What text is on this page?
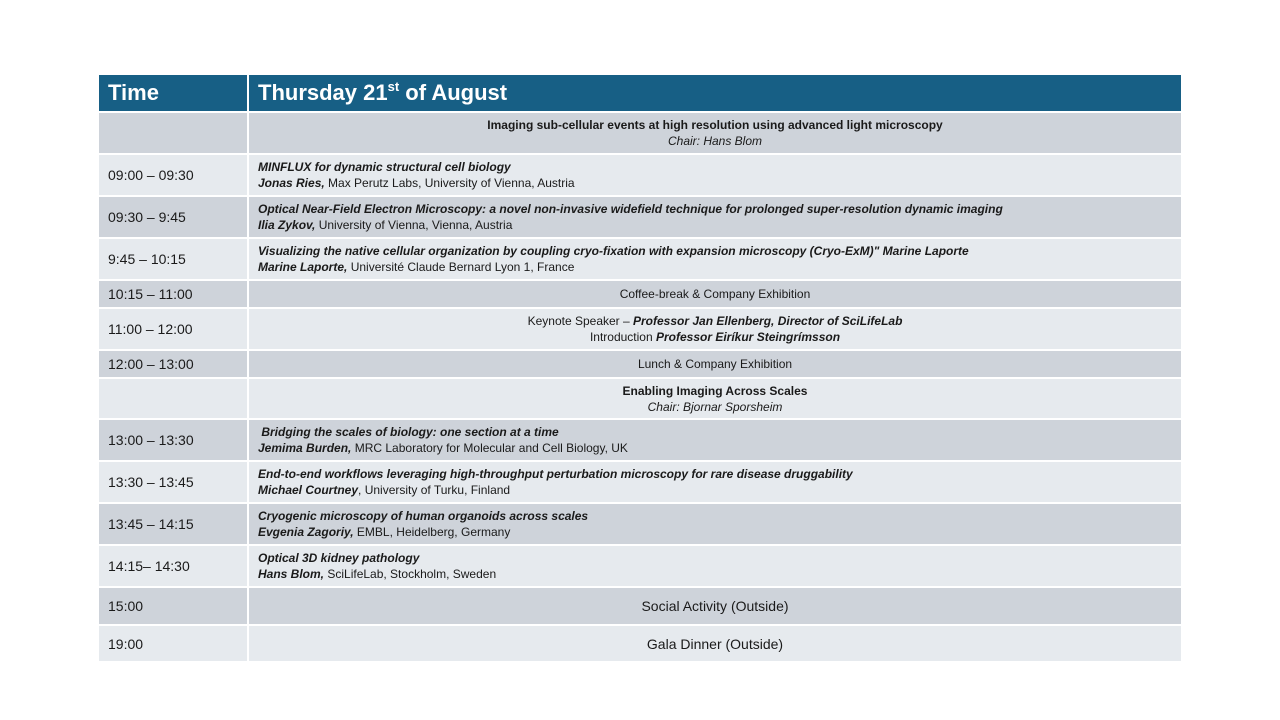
Time	Thursday 21st of August

	Imaging sub-cellular events at high resolution using advanced light microscopy
Chair: Hans Blom

09:00 – 09:30	MINFLUX for dynamic structural cell biology
Jonas Ries, Max Perutz Labs, University of Vienna, Austria

09:30 – 9:45	Optical Near-Field Electron Microscopy: a novel non-invasive widefield technique for prolonged super-resolution dynamic imaging
Ilia Zykov, University of Vienna, Vienna, Austria

9:45 – 10:15	Visualizing the native cellular organization by coupling cryo-fixation with expansion microscopy (Cryo-ExM)" Marine Laporte
Marine Laporte, Université Claude Bernard Lyon 1, France

10:15 – 11:00	Coffee-break & Company Exhibition
11:00 – 12:00	Keynote Speaker – Professor Jan Ellenberg, Director of SciLifeLab
Introduction Professor Eiríkur Steingrímsson

12:00 – 13:00	Lunch & Company Exhibition

	Enabling Imaging Across Scales
Chair: Bjornar Sporsheim

13:00 – 13:30	Bridging the scales of biology: one section at a time
Jemima Burden, MRC Laboratory for Molecular and Cell Biology, UK

13:30 – 13:45	End-to-end workflows leveraging high-throughput perturbation microscopy for rare disease druggability
Michael Courtney, University of Turku, Finland

13:45 – 14:15	Cryogenic microscopy of human organoids across scales
Evgenia Zagoriy, EMBL, Heidelberg, Germany

14:15– 14:30	Optical 3D kidney pathology
Hans Blom, SciLifeLab, Stockholm, Sweden

15:00	Social Activity (Outside)
19:00	Gala Dinner (Outside)
